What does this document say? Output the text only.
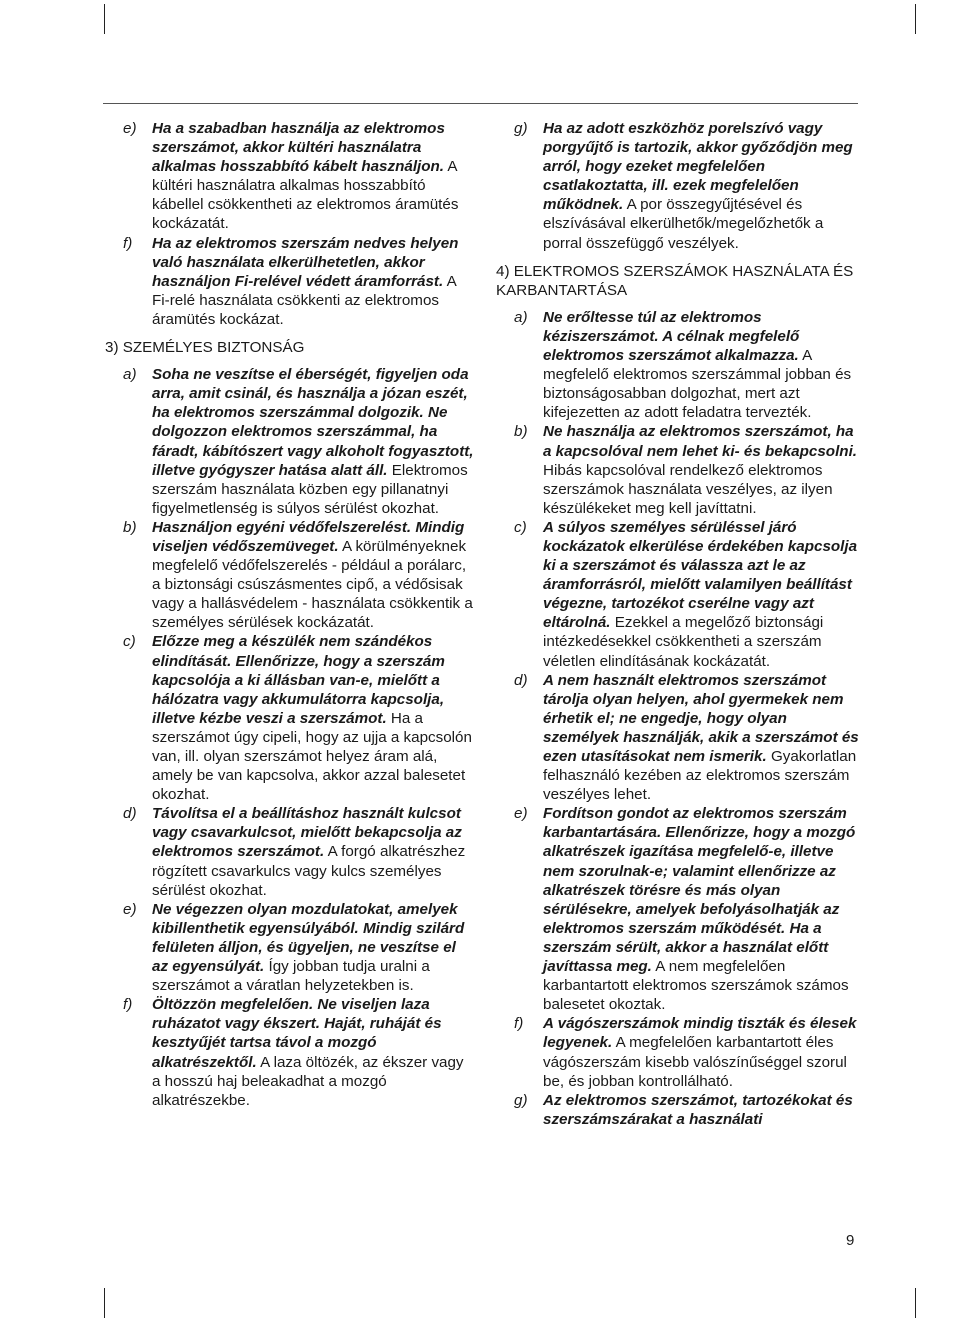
e) Ha a szabadban használja az elektromos szerszámot, akkor kültéri használatra alkalmas hosszabbító kábelt használjon. A kültéri használatra alkalmas hosszabbító kábellel csökkentheti az elektromos áramütés kockázatát.
f) Ha az elektromos szerszám nedves helyen való használata elkerülhetetlen, akkor használjon Fi-relével védett áramforrást. A Fi-relé használata csökkenti az elektromos áramütés kockázat.
3) SZEMÉLYES BIZTONSÁG
a) Soha ne veszítse el éberségét, figyeljen oda arra, amit csinál, és használja a józan eszét, ha elektromos szerszámmal dolgozik. Ne dolgozzon elektromos szerszámmal, ha fáradt, kábítószert vagy alkoholt fogyasztott, illetve gyógyszer hatása alatt áll. Elektromos szerszám használata közben egy pillanatnyi figyelmetlenség is súlyos sérülést okozhat.
b) Használjon egyéni védőfelszerelést. Mindig viseljen védőszemüveget. A körülményeknek megfelelő védőfelszerelés - például a porálarc, a biztonsági csúszásmentes cipő, a védősisak vagy a hallásvédelem - használata csökkentik a személyes sérülések kockázatát.
c) Előzze meg a készülék nem szándékos elindítását. Ellenőrizze, hogy a szerszám kapcsolója a ki állásban van-e, mielőtt a hálózatra vagy akkumulátorra kapcsolja, illetve kézbe veszi a szerszámot. Ha a szerszámot úgy cipeli, hogy az ujja a kapcsolón van, ill. olyan szerszámot helyez áram alá, amely be van kapcsolva, akkor azzal balesetet okozhat.
d) Távolítsa el a beállításhoz használt kulcsot vagy csavarkulcsot, mielőtt bekapcsolja az elektromos szerszámot. A forgó alkatrészhez rögzített csavarkulcs vagy kulcs személyes sérülést okozhat.
e) Ne végezzen olyan mozdulatokat, amelyek kibillenthetik egyensúlyából. Mindig szilárd felületen álljon, és ügyeljen, ne veszítse el az egyensúlyát. Így jobban tudja uralni a szerszámot a váratlan helyzetekben is.
f) Öltözzön megfelelően. Ne viseljen laza ruházatot vagy ékszert. Haját, ruháját és kesztyűjét tartsa távol a mozgó alkatrészektől. A laza öltözék, az ékszer vagy a hosszú haj beleakadhat a mozgó alkatrészekbe.
g) Ha az adott eszközhöz porelszívó vagy porgyűjtő is tartozik, akkor győződjön meg arról, hogy ezeket megfelelően csatlakoztatta, ill. ezek megfelelően működnek. A por összegyűjtésével és elszívásával elkerülhetők/megelőzhetők a porral összefüggő veszélyek.
4) ELEKTROMOS SZERSZÁMOK HASZNÁLATA ÉS KARBANTARTÁSA
a) Ne erőltesse túl az elektromos kéziszerszámot. A célnak megfelelő elektromos szerszámot alkalmazza. A megfelelő elektromos szerszámmal jobban és biztonságosabban dolgozhat, mert azt kifejezetten az adott feladatra tervezték.
b) Ne használja az elektromos szerszámot, ha a kapcsolóval nem lehet ki- és bekapcsolni. Hibás kapcsolóval rendelkező elektromos szerszámok használata veszélyes, az ilyen készülékeket meg kell javíttatni.
c) A súlyos személyes sérüléssel járó kockázatok elkerülése érdekében kapcsolja ki a szerszámot és válassza azt le az áramforrásról, mielőtt valamilyen beállítást végezne, tartozékot cserélne vagy azt eltárolná. Ezekkel a megelőző biztonsági intézkedésekkel csökkentheti a szerszám véletlen elindításának kockázatát.
d) A nem használt elektromos szerszámot tárolja olyan helyen, ahol gyermekek nem érhetik el; ne engedje, hogy olyan személyek használják, akik a szerszámot és ezen utasításokat nem ismerik. Gyakorlatlan felhasználó kezében az elektromos szerszám veszélyes lehet.
e) Fordítson gondot az elektromos szerszám karbantartására. Ellenőrizze, hogy a mozgó alkatrészek igazítása megfelelő-e, illetve nem szorulnak-e; valamint ellenőrizze az alkatrészek törésre és más olyan sérülésekre, amelyek befolyásolhatják az elektromos szerszám működését. Ha a szerszám sérült, akkor a használat előtt javíttassa meg. A nem megfelelően karbantartott elektromos szerszámok számos balesetet okoztak.
f) A vágószerszámok mindig tiszták és élesek legyenek. A megfelelően karbantartott éles vágószerszám kisebb valószínűséggel szorul be, és jobban kontrollálható.
g) Az elektromos szerszámot, tartozékokat és szerszámszárakat a használati
9
